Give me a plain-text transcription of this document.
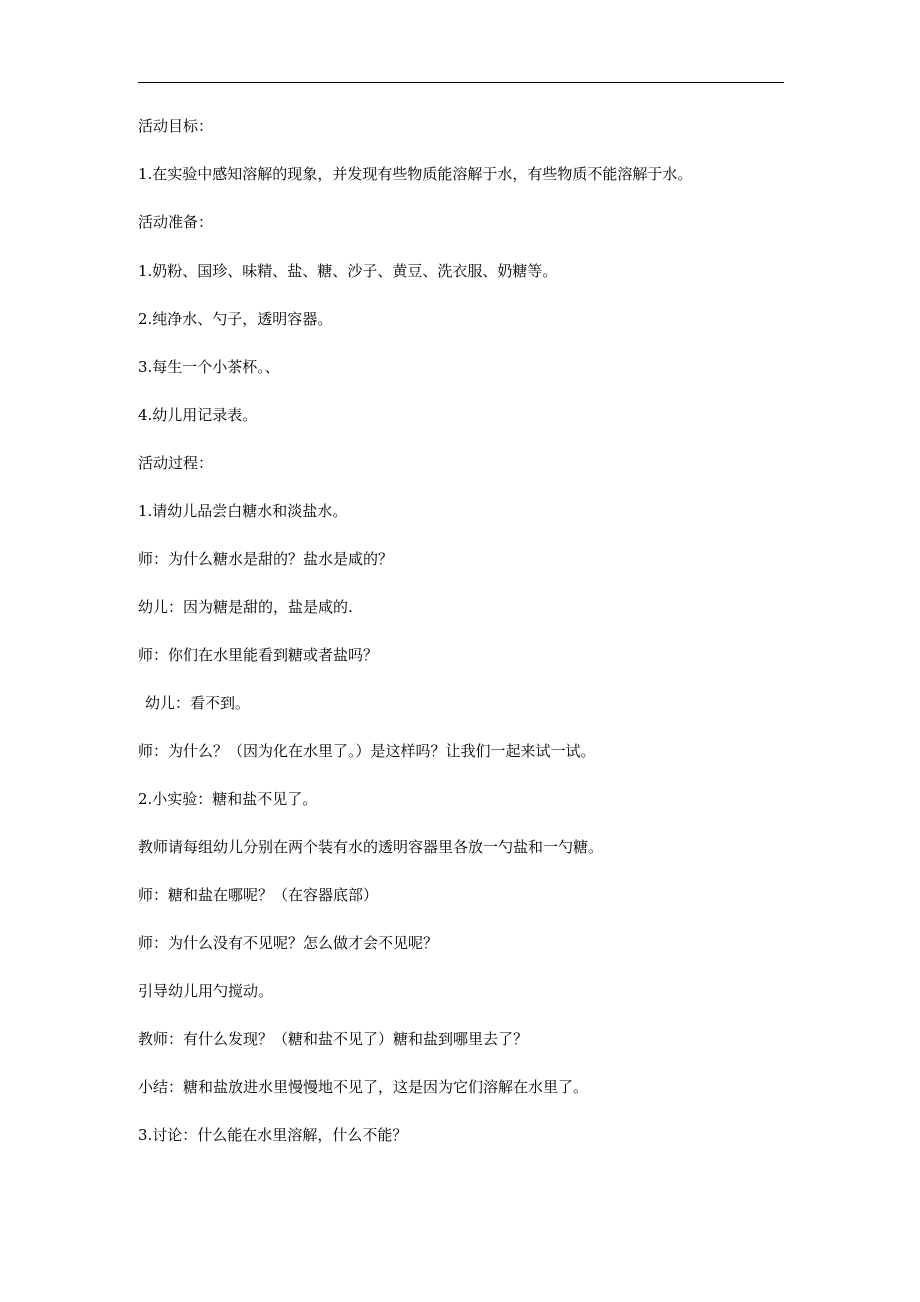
活动目标：

1.在实验中感知溶解的现象，并发现有些物质能溶解于水，有些物质不能溶解于水。

活动准备：

1.奶粉、国珍、味精、盐、糖、沙子、黄豆、洗衣服、奶糖等。

2.纯净水、勺子，透明容器。

3.每生一个小茶杯。、

4.幼儿用记录表。

活动过程：

1.请幼儿品尝白糖水和淡盐水。

师：为什么糖水是甜的？盐水是咸的？

幼儿：因为糖是甜的，盐是咸的.

师：你们在水里能看到糖或者盐吗？

幼儿：看不到。

师：为什么？（因为化在水里了。）是这样吗？让我们一起来试一试。

2.小实验：糖和盐不见了。

教师请每组幼儿分别在两个装有水的透明容器里各放一勺盐和一勺糖。

师：糖和盐在哪呢？（在容器底部）

师：为什么没有不见呢？怎么做才会不见呢？

引导幼儿用勺搅动。

教师：有什么发现？（糖和盐不见了）糖和盐到哪里去了？

小结：糖和盐放进水里慢慢地不见了，这是因为它们溶解在水里了。

3.讨论：什么能在水里溶解，什么不能？
